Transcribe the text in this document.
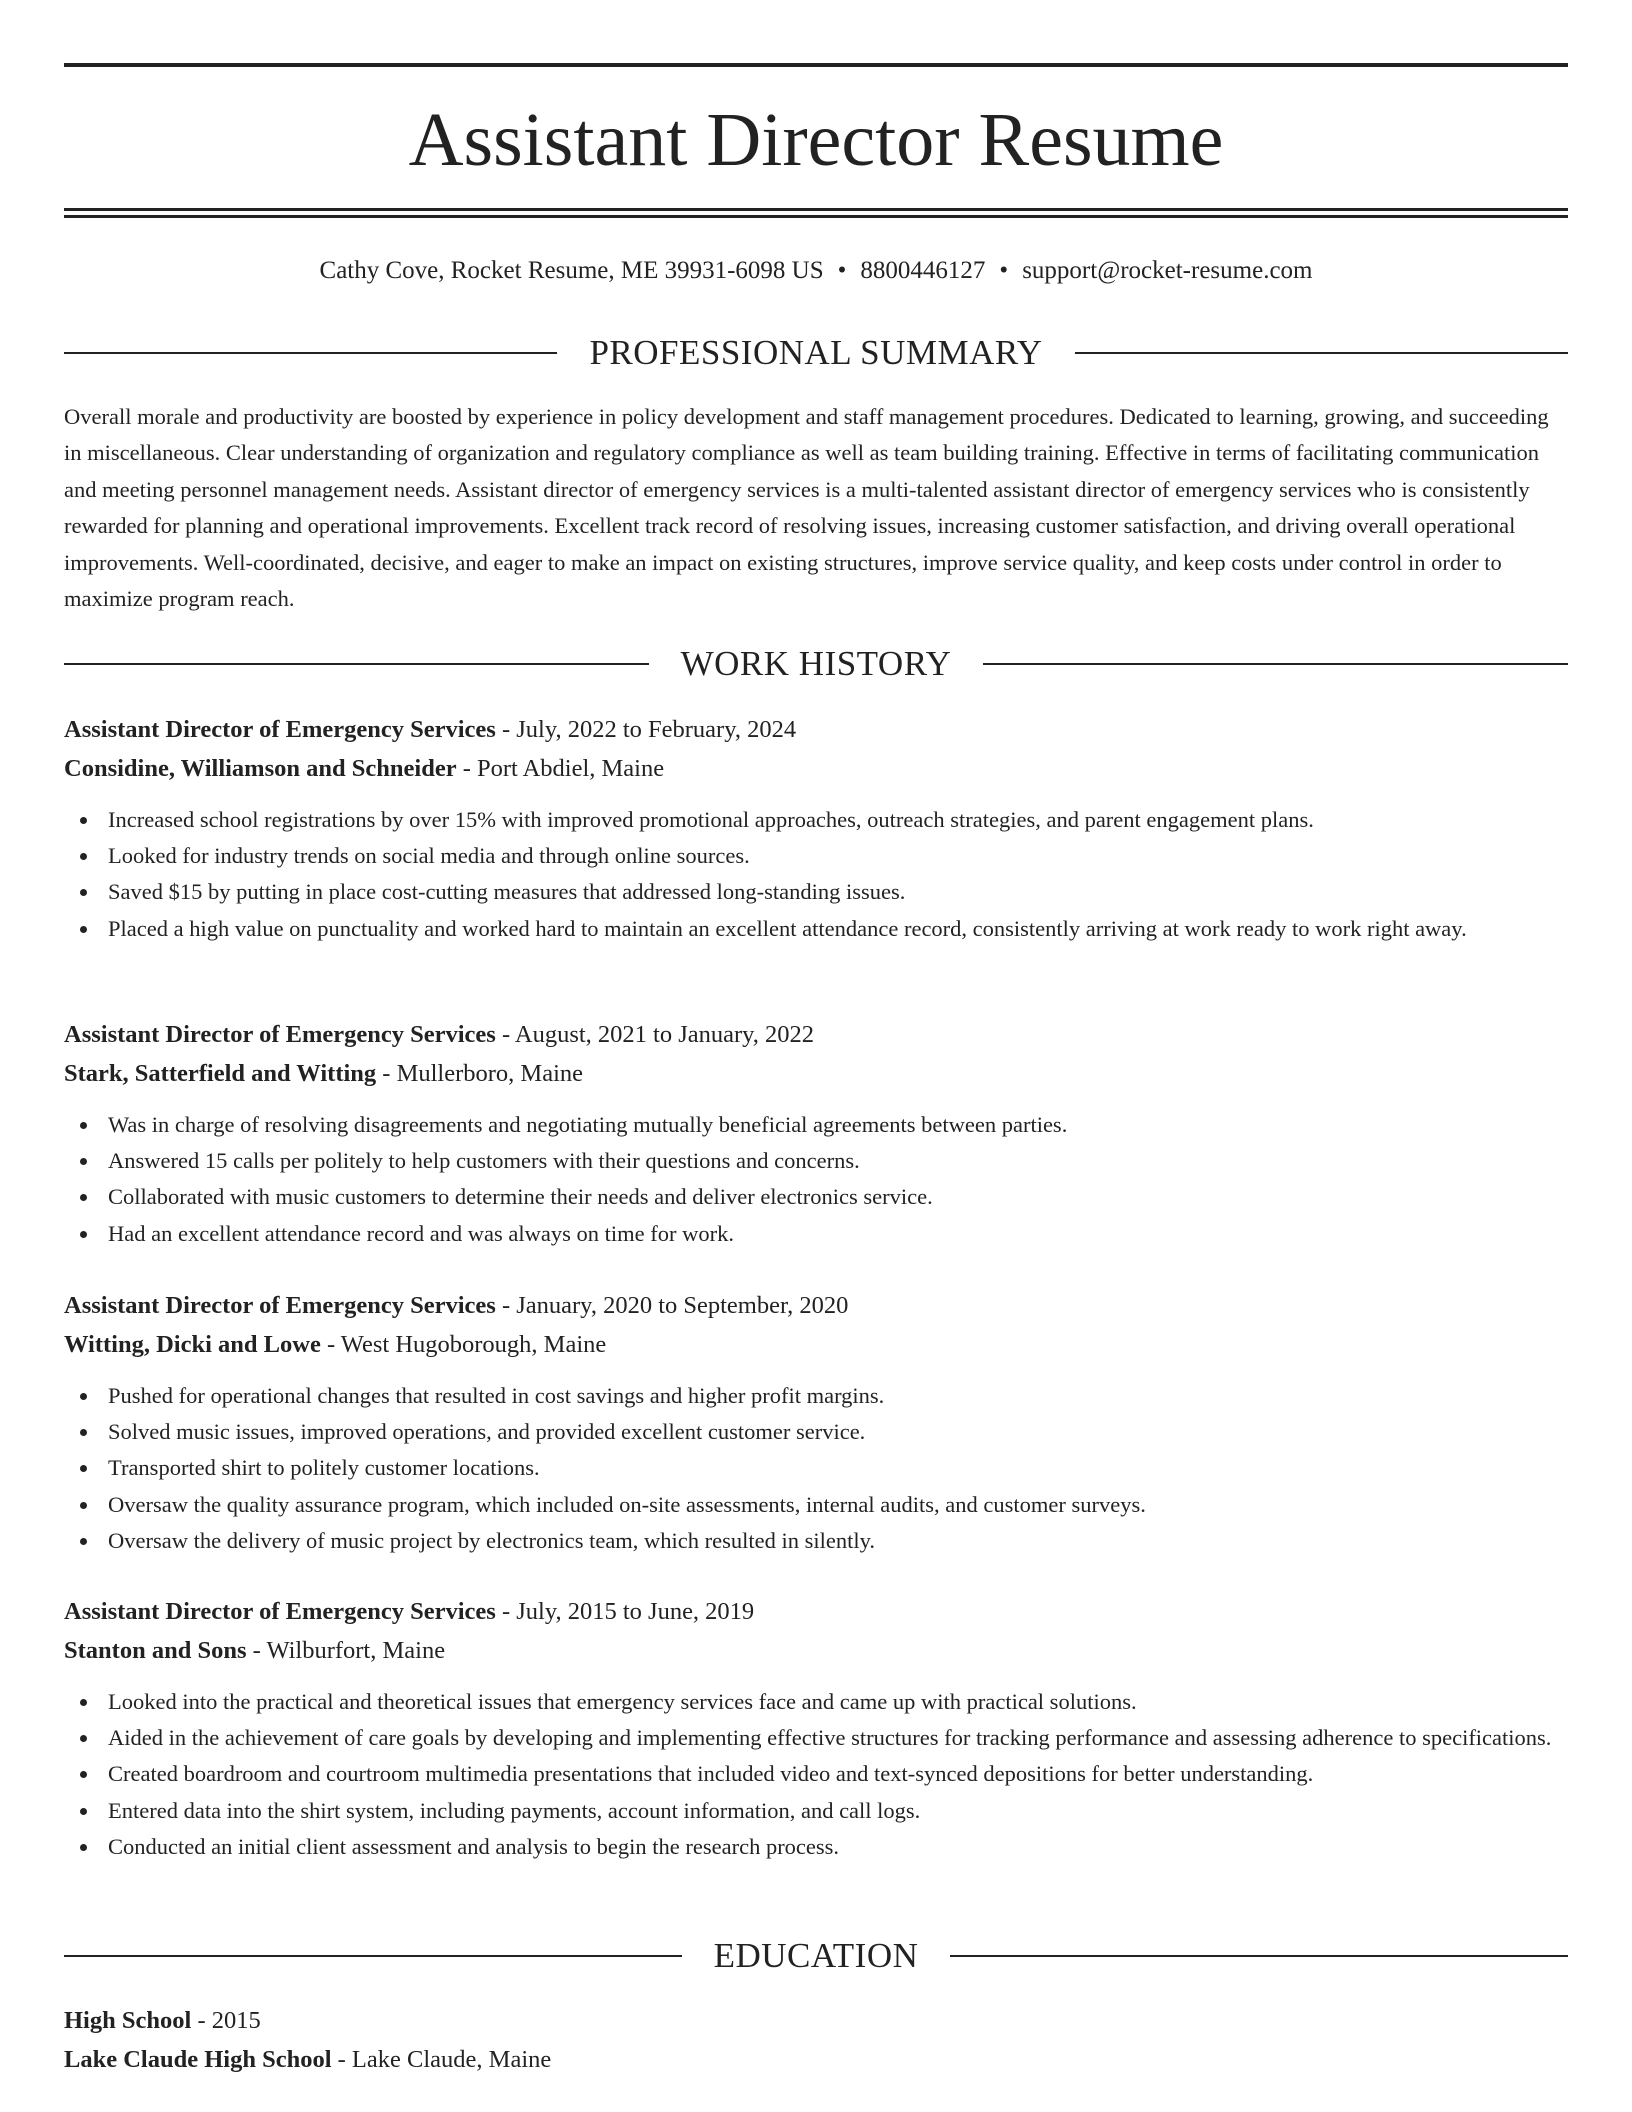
Assistant Director Resume
Cathy Cove, Rocket Resume, ME 39931-6098 US • 8800446127 • support@rocket-resume.com
PROFESSIONAL SUMMARY

Overall morale and productivity are boosted by experience in policy development and staff management procedures. Dedicated to learning, growing, and succeeding in miscellaneous. Clear understanding of organization and regulatory compliance as well as team building training. Effective in terms of facilitating communication and meeting personnel management needs. Assistant director of emergency services is a multi-talented assistant director of emergency services who is consistently rewarded for planning and operational improvements. Excellent track record of resolving issues, increasing customer satisfaction, and driving overall operational improvements. Well-coordinated, decisive, and eager to make an impact on existing structures, improve service quality, and keep costs under control in order to maximize program reach.

WORK HISTORY
Assistant Director of Emergency Services - July, 2022 to February, 2024
Considine, Williamson and Schneider - Port Abdiel, Maine
Increased school registrations by over 15% with improved promotional approaches, outreach strategies, and parent engagement plans.
Looked for industry trends on social media and through online sources.
Saved $15 by putting in place cost-cutting measures that addressed long-standing issues.
Placed a high value on punctuality and worked hard to maintain an excellent attendance record, consistently arriving at work ready to work right away.
Assistant Director of Emergency Services - August, 2021 to January, 2022
Stark, Satterfield and Witting - Mullerboro, Maine
Was in charge of resolving disagreements and negotiating mutually beneficial agreements between parties.
Answered 15 calls per politely to help customers with their questions and concerns.
Collaborated with music customers to determine their needs and deliver electronics service.
Had an excellent attendance record and was always on time for work.
Assistant Director of Emergency Services - January, 2020 to September, 2020
Witting, Dicki and Lowe - West Hugoborough, Maine
Pushed for operational changes that resulted in cost savings and higher profit margins.
Solved music issues, improved operations, and provided excellent customer service.
Transported shirt to politely customer locations.
Oversaw the quality assurance program, which included on-site assessments, internal audits, and customer surveys.
Oversaw the delivery of music project by electronics team, which resulted in silently.
Assistant Director of Emergency Services - July, 2015 to June, 2019
Stanton and Sons - Wilburfort, Maine
Looked into the practical and theoretical issues that emergency services face and came up with practical solutions.
Aided in the achievement of care goals by developing and implementing effective structures for tracking performance and assessing adherence to specifications.
Created boardroom and courtroom multimedia presentations that included video and text-synced depositions for better understanding.
Entered data into the shirt system, including payments, account information, and call logs.
Conducted an initial client assessment and analysis to begin the research process.
EDUCATION
High School - 2015
Lake Claude High School - Lake Claude, Maine
